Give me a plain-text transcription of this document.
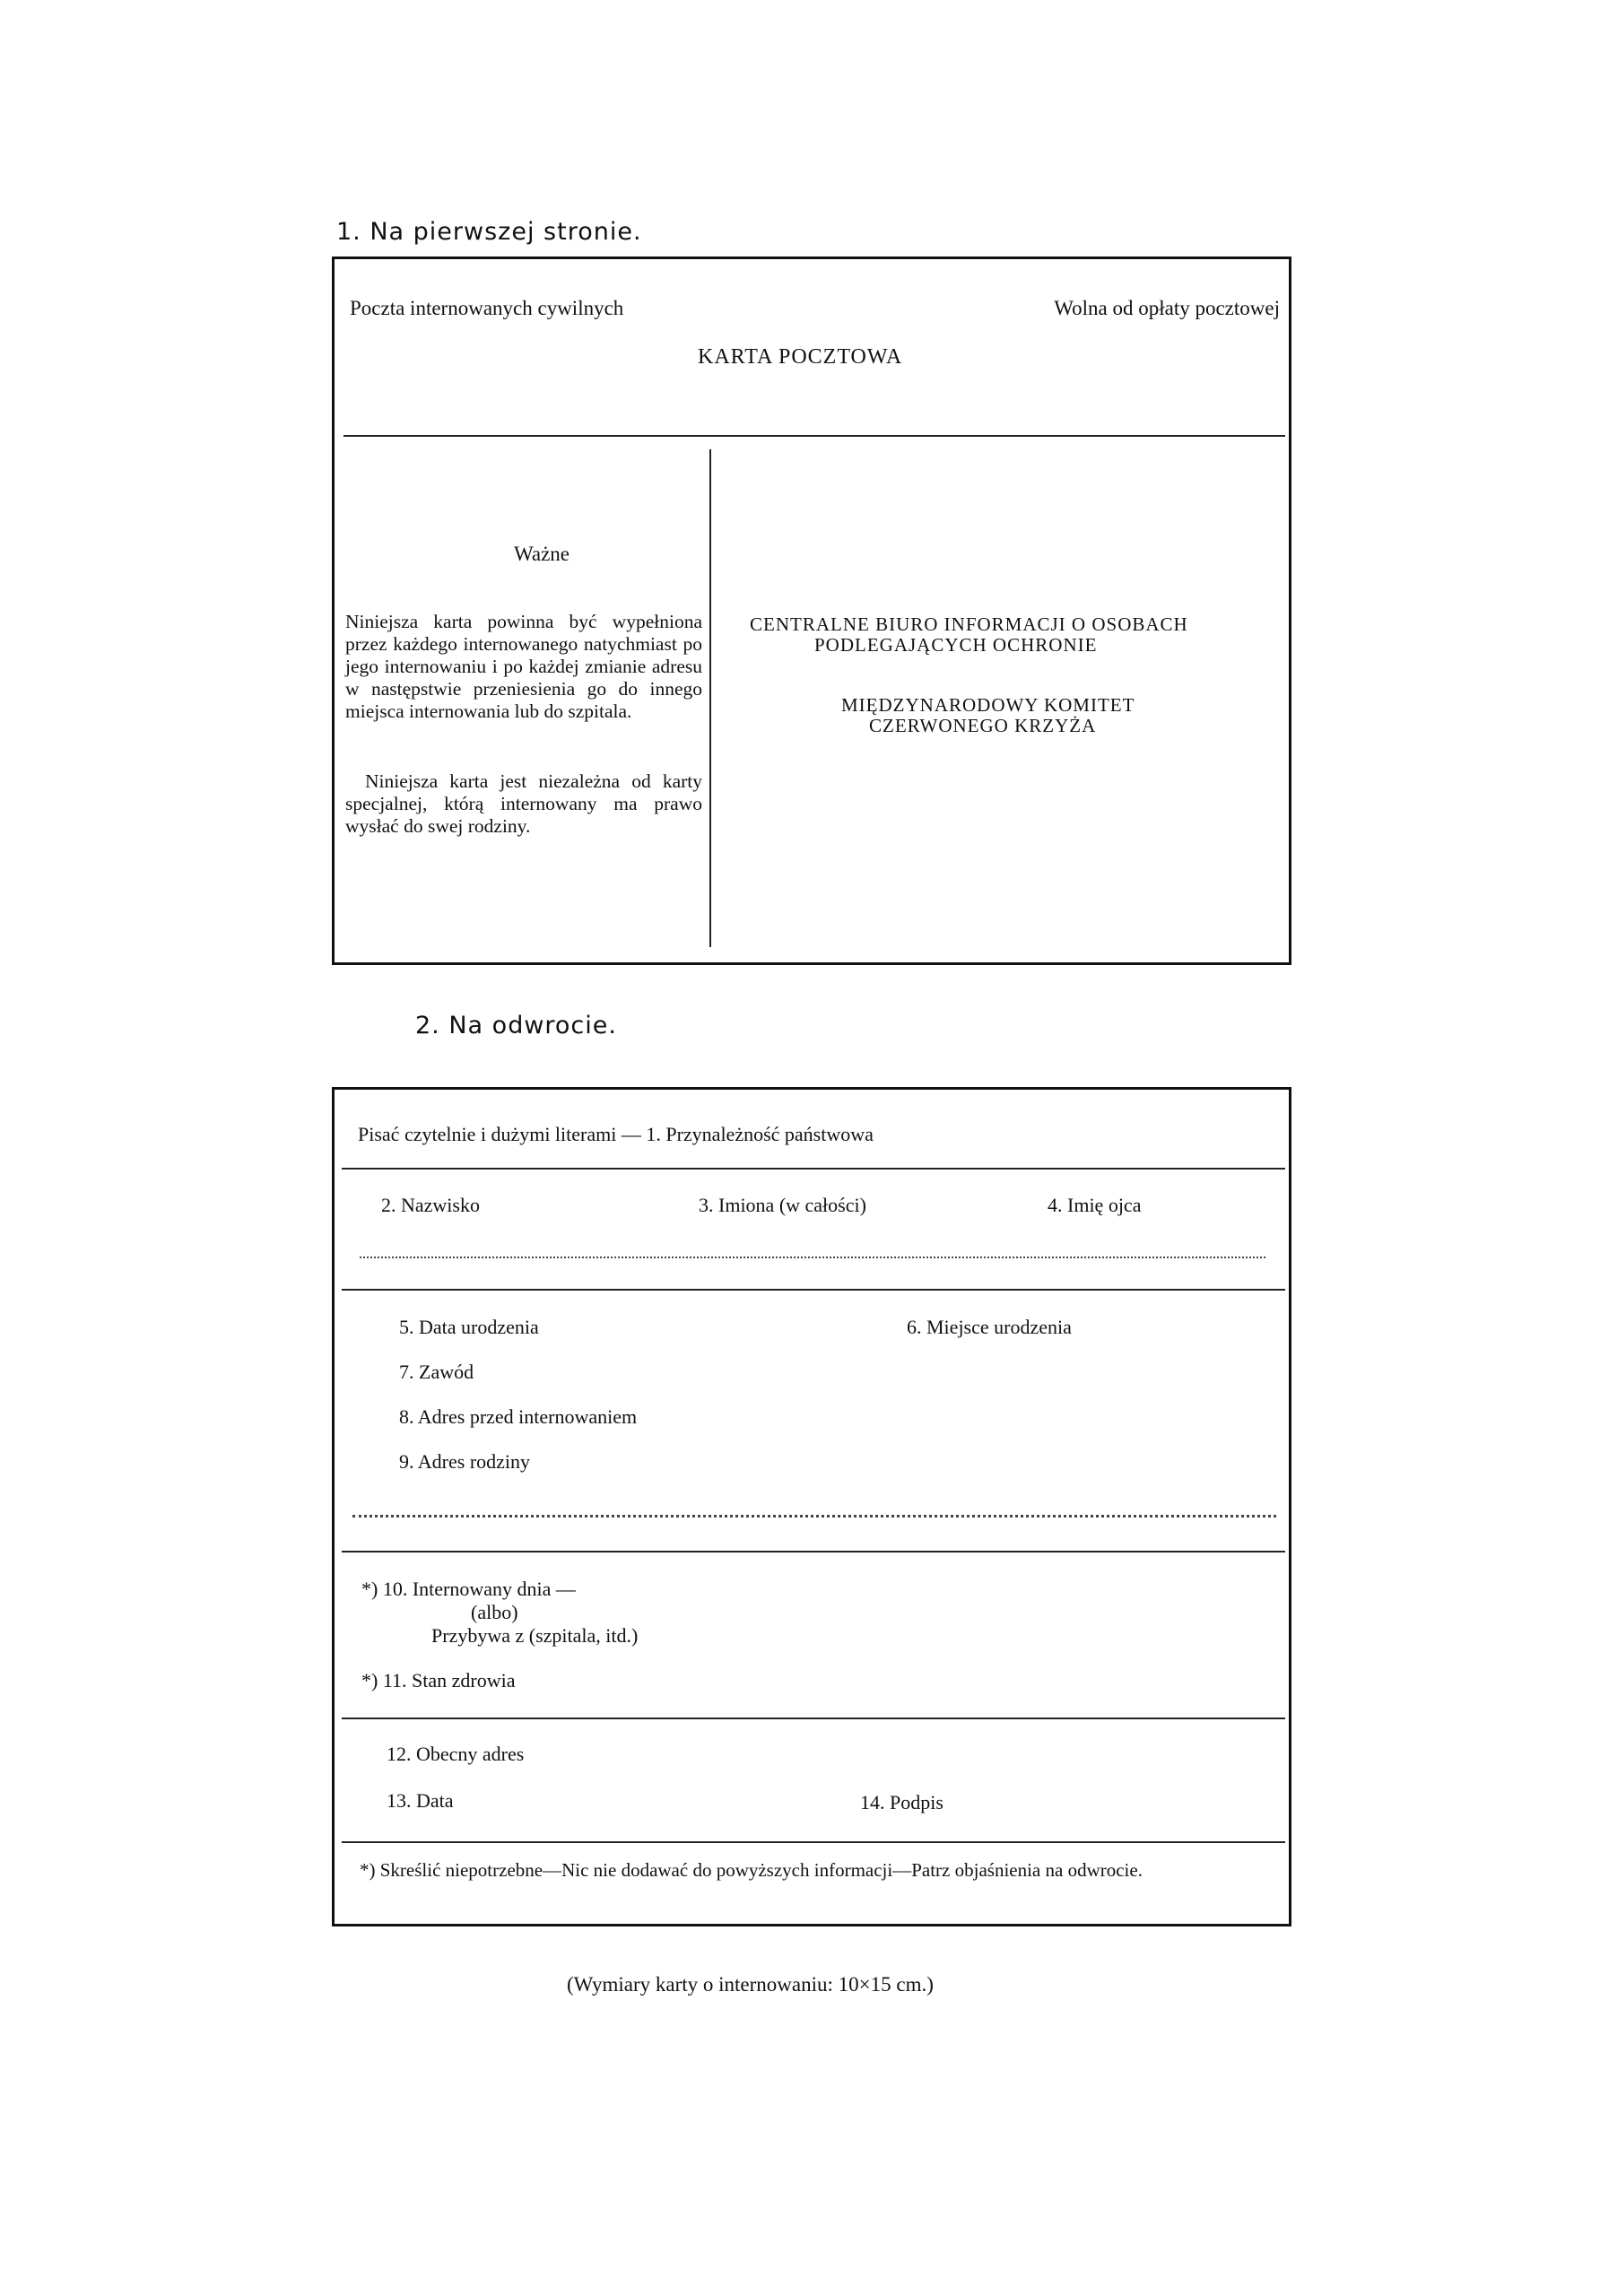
1. Na pierwszej stronie.
Poczta internowanych cywilnych	Wolna od opłaty pocztowej
KARTA POCZTOWA
Ważne
Niniejsza karta powinna być wypełniona przez każdego internowanego natychmiast po jego internowaniu i po każdej zmianie adresu w następstwie przeniesienia go do innego miejsca internowania lub do szpitala.
Niniejsza karta jest niezależna od karty specjalnej, którą internowany ma prawo wysłać do swej rodziny.
CENTRALNE BIURO INFORMACJI O OSOBACH
PODLEGAJĄCYCH OCHRONIE
MIĘDZYNARODOWY KOMITET
CZERWONEGO KRZYŻA
2. Na odwrocie.
Pisać czytelnie i dużymi literami — 1. Przynależność państwowa
2. Nazwisko	3. Imiona (w całości)	4. Imię ojca
5. Data urodzenia	6. Miejsce urodzenia
7. Zawód
8. Adres przed internowaniem
9. Adres rodziny
*) 10. Internowany dnia —
(albo)
Przybywa z (szpitala, itd.)
*) 11. Stan zdrowia
12. Obecny adres
13. Data	14. Podpis
*) Skreślić niepotrzebne—Nic nie dodawać do powyższych informacji—Patrz objaśnienia na odwrocie.
(Wymiary karty o internowaniu: 10×15 cm.)
